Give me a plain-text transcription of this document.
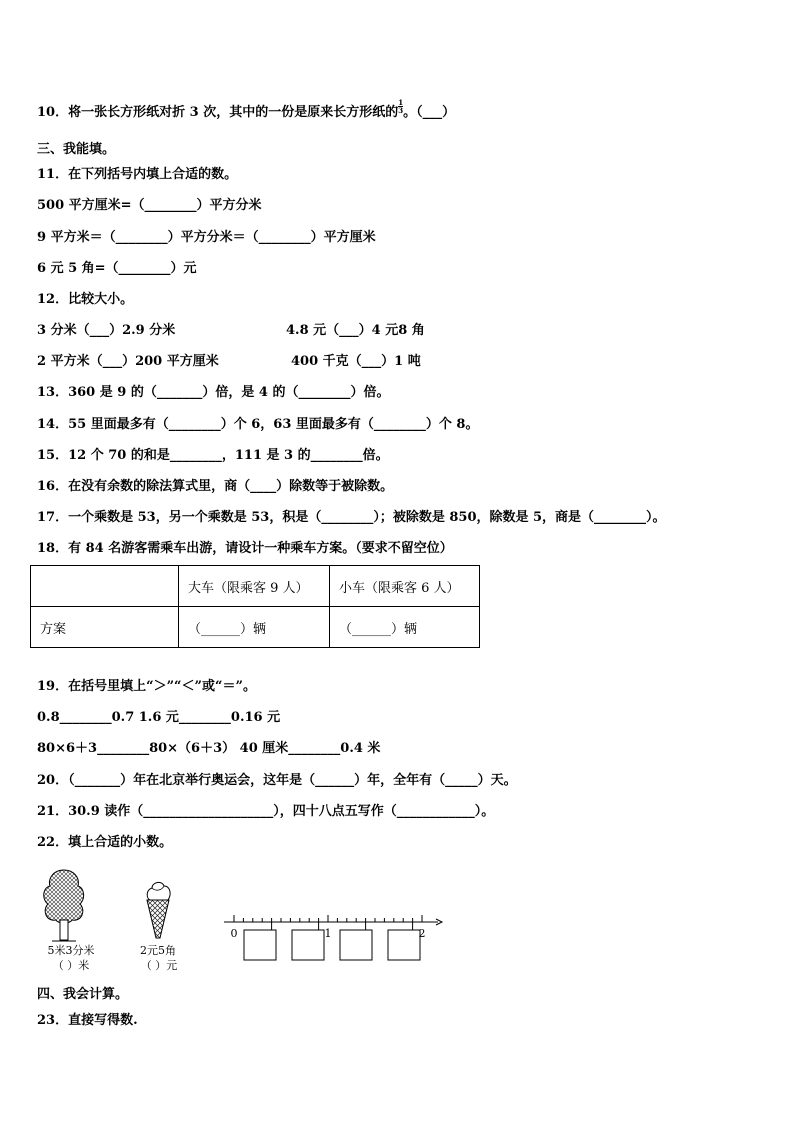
10．将一张长方形纸对折 3 次，其中的一份是原来长方形纸的 $\frac{1}{3}$ 。（___）
三、我能填。
11．在下列括号内填上合适的数。
500 平方厘米=（________）平方分米
9 平方米＝（________）平方分米＝（________）平方厘米
6 元 5 角=（________）元
12．比较大小。
3 分米（___）2.9 分米	4.8 元（___）4 元8 角
2 平方米（___）200 平方厘米	400 千克（___）1 吨
13．360 是 9 的（_______）倍，是 4 的（________）倍。
14．55 里面最多有（________）个 6，63 里面最多有（________）个 8。
15．12 个 70 的和是________，111 是 3 的________倍。
16．在没有余数的除法算式里，商（____）除数等于被除数。
17．一个乘数是 53，另一个乘数是 53，积是（________）；被除数是 850，除数是 5，商是（________）。
18．有 84 名游客需乘车出游，请设计一种乘车方案。（要求不留空位）
	大车（限乘客 9 人）	小车（限乘客 6 人）
方案	（______）辆	（______）辆
19．在括号里填上“＞”“＜”或“＝”。
0.8________0.7 1.6 元________0.16 元
80×6＋3________80×（6＋3） 40 厘米________0.4 米
20．（_______）年在北京举行奥运会，这年是（______）年，全年有（_____）天。
21．30.9 读作（____________________），四十八点五写作（____________）。
22．填上合适的小数。
5米3分米
（ ）米
2元5角
（ ）元
0	1	2
四、我会计算。
23．直接写得数.
